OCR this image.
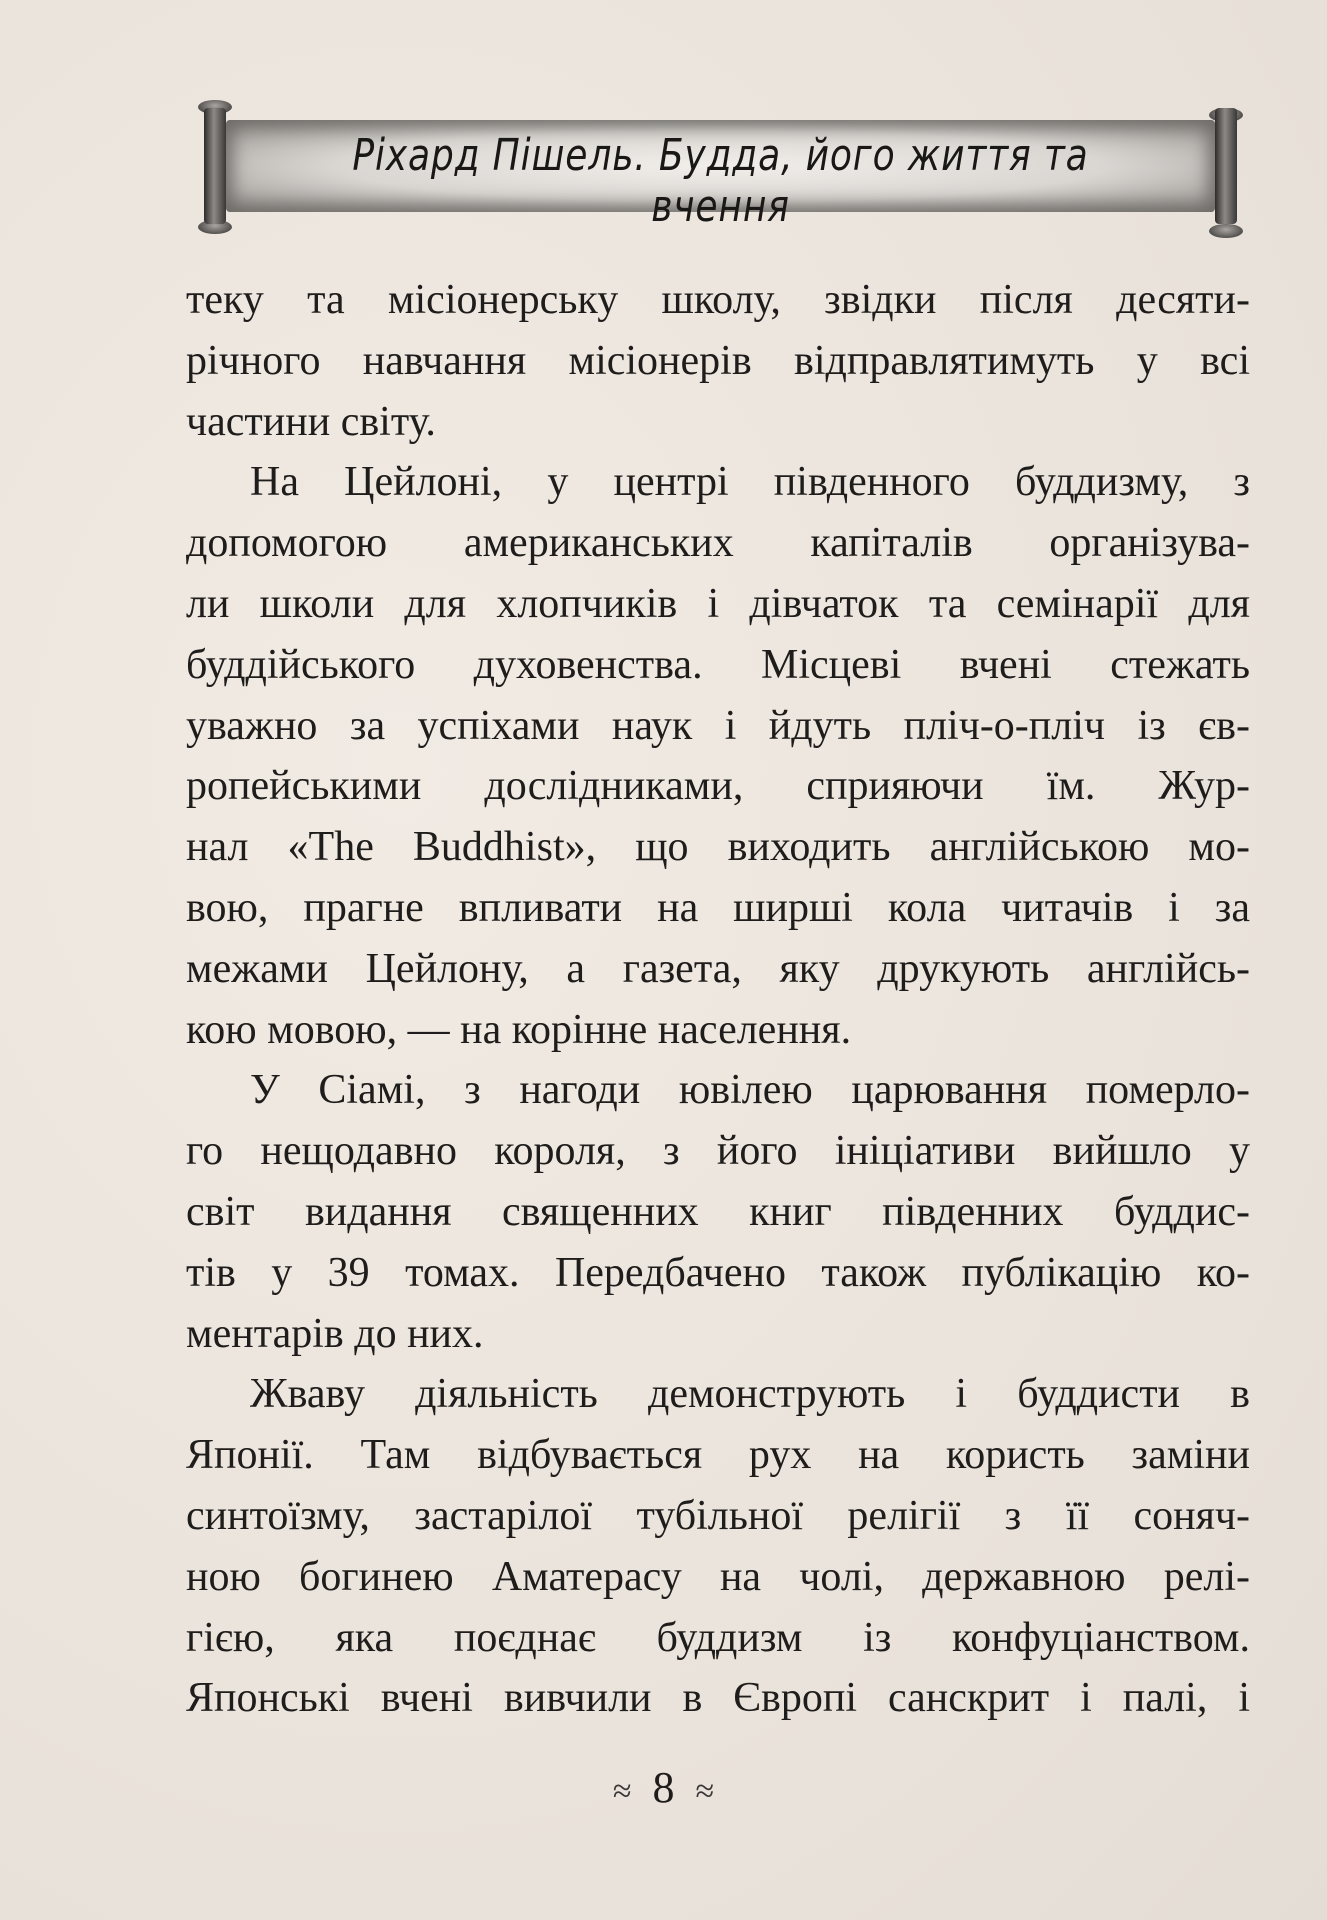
Ріхард Пішель. Будда, його життя та вчення
теку та місіонерську школу, звідки після десяти-
річного навчання місіонерів відправлятимуть у всі
частини світу.
На Цейлоні, у центрі південного буддизму, з
допомогою американських капіталів організува-
ли школи для хлопчиків і дівчаток та семінарії для
буддійського духовенства. Місцеві вчені стежать
уважно за успіхами наук і йдуть пліч-о-пліч із єв-
ропейськими дослідниками, сприяючи їм. Жур-
нал «The Buddhist», що виходить англійською мо-
вою, прагне впливати на ширші кола читачів і за
межами Цейлону, а газета, яку друкують англійсь-
кою мовою, — на корінне населення.
У Сіамі, з нагоди ювілею царювання померло-
го нещодавно короля, з його ініціативи вийшло у
світ видання священних книг південних буддис-
тів у 39 томах. Передбачено також публікацію ко-
ментарів до них.
Жваву діяльність демонструють і буддисти в
Японії. Там відбувається рух на користь заміни
синтоїзму, застарілої тубільної релігії з її соняч-
ною богинею Аматерасу на чолі, державною релі-
гією, яка поєднає буддизм із конфуціанством.
Японські вчені вивчили в Європі санскрит і палі, і
≈ 8 ≈
